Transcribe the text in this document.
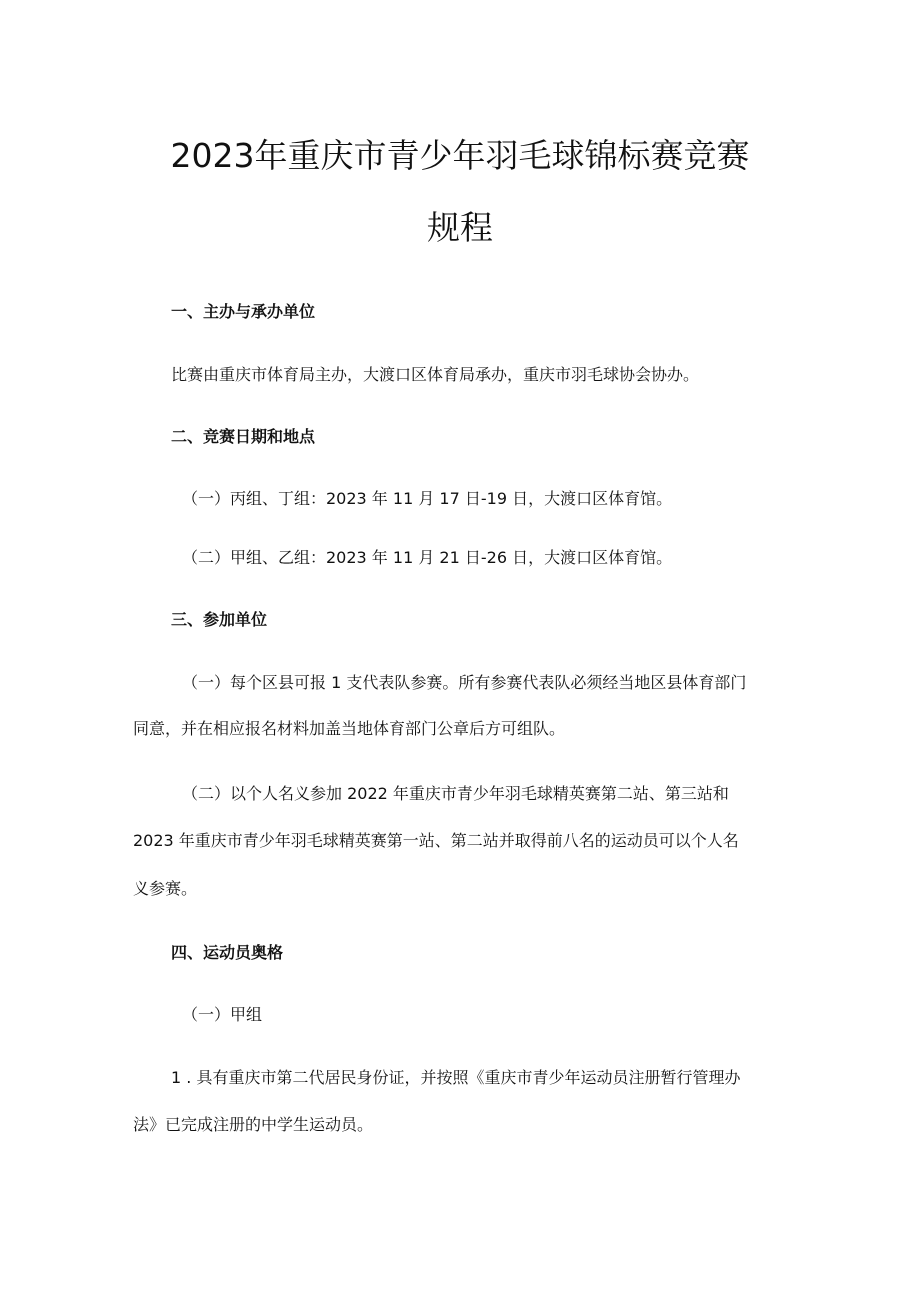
2023年重庆市青少年羽毛球锦标赛竞赛
规程
一、主办与承办单位
比赛由重庆市体育局主办，大渡口区体育局承办，重庆市羽毛球协会协办。
二、竞赛日期和地点
（一）丙组、丁组：2023 年 11 月 17 日-19 日，大渡口区体育馆。
（二）甲组、乙组：2023 年 11 月 21 日-26 日，大渡口区体育馆。
三、参加单位
（一）每个区县可报 1 支代表队参赛。所有参赛代表队必须经当地区县体育部门
同意，并在相应报名材料加盖当地体育部门公章后方可组队。
（二）以个人名义参加 2022 年重庆市青少年羽毛球精英赛第二站、第三站和
2023 年重庆市青少年羽毛球精英赛第一站、第二站并取得前八名的运动员可以个人名
义参赛。
四、运动员奥格
（一）甲组
1 . 具有重庆市第二代居民身份证，并按照《重庆市青少年运动员注册暂行管理办
法》已完成注册的中学生运动员。
